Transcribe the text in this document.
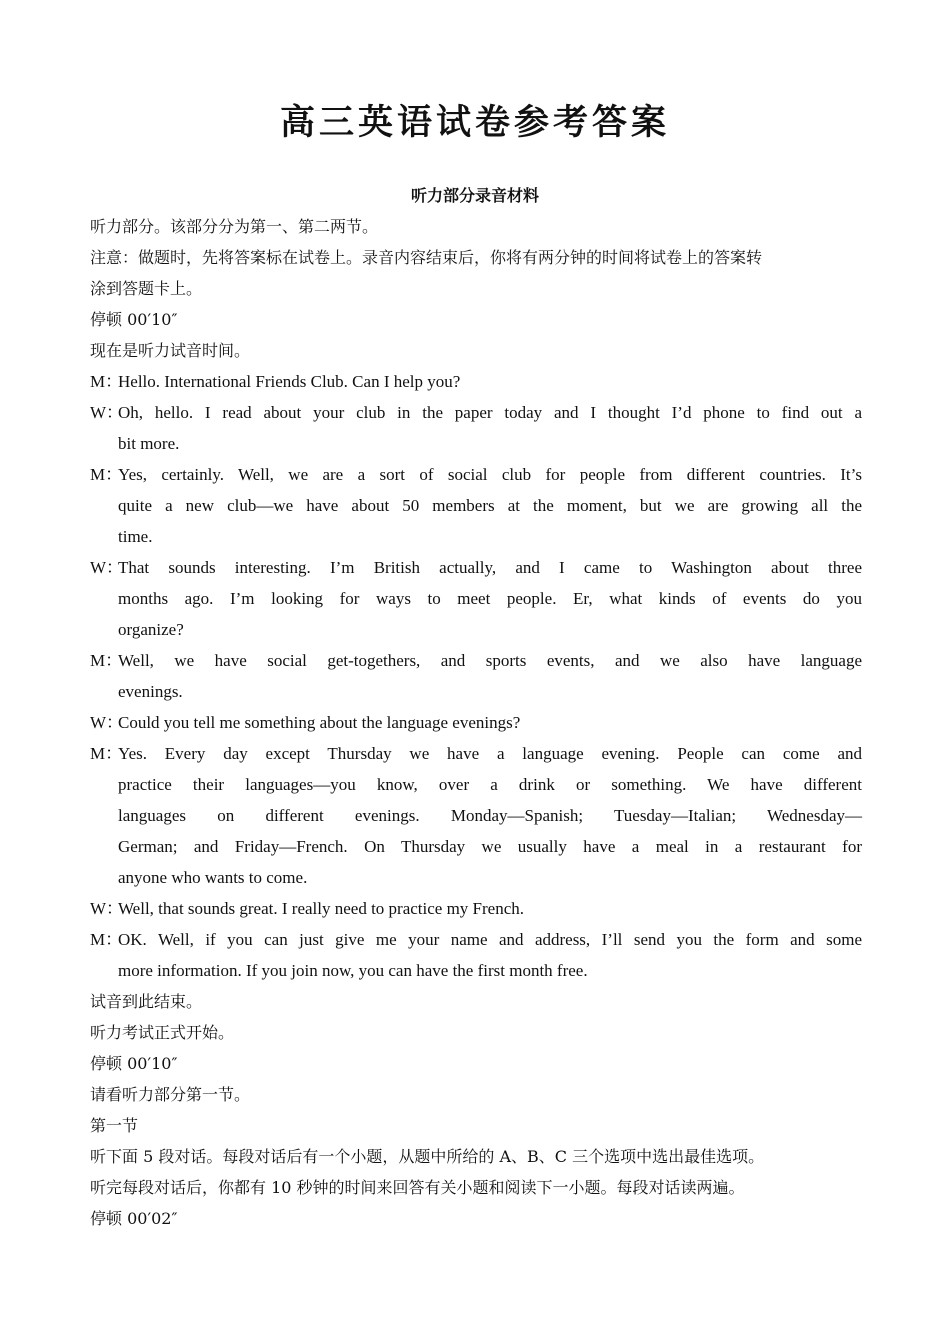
高三英语试卷参考答案
听力部分录音材料
听力部分。该部分分为第一、第二两节。
注意：做题时，先将答案标在试卷上。录音内容结束后，你将有两分钟的时间将试卷上的答案转
涂到答题卡上。
停顿 00′10″
现在是听力试音时间。
M：Hello. International Friends Club. Can I help you?
W：Oh, hello. I read about your club in the paper today and I thought I’d phone to find out a
bit more.
M：Yes, certainly. Well, we are a sort of social club for people from different countries. It’s
quite a new club—we have about 50 members at the moment, but we are growing all the
time.
W：That sounds interesting. I’m British actually, and I came to Washington about three
months ago. I’m looking for ways to meet people. Er, what kinds of events do you
organize?
M：Well, we have social get-togethers, and sports events, and we also have language
evenings.
W：Could you tell me something about the language evenings?
M：Yes. Every day except Thursday we have a language evening. People can come and
practice their languages—you know, over a drink or something. We have different
languages on different evenings. Monday—Spanish; Tuesday—Italian; Wednesday—
German; and Friday—French. On Thursday we usually have a meal in a restaurant for
anyone who wants to come.
W：Well, that sounds great. I really need to practice my French.
M：OK. Well, if you can just give me your name and address, I’ll send you the form and some
more information. If you join now, you can have the first month free.
试音到此结束。
听力考试正式开始。
停顿 00′10″
请看听力部分第一节。
第一节
听下面 5 段对话。每段对话后有一个小题，从题中所给的 A、B、C 三个选项中选出最佳选项。
听完每段对话后，你都有 10 秒钟的时间来回答有关小题和阅读下一小题。每段对话读两遍。
停顿 00′02″
